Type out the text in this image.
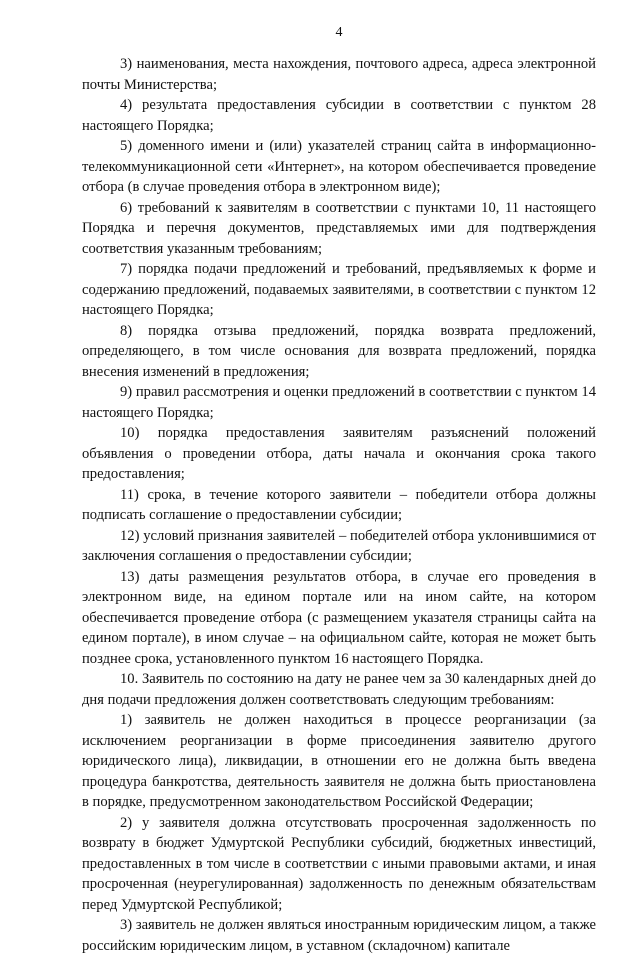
4

3) наименования, места нахождения, почтового адреса, адреса электронной почты Министерства;

4) результата предоставления субсидии в соответствии с пунктом 28 настоящего Порядка;

5) доменного имени и (или) указателей страниц сайта в информационно-телекоммуникационной сети «Интернет», на котором обеспечивается проведение отбора (в случае проведения отбора в электронном виде);

6) требований к заявителям в соответствии с пунктами 10, 11 настоящего Порядка и перечня документов, представляемых ими для подтверждения соответствия указанным требованиям;

7) порядка подачи предложений и требований, предъявляемых к форме и содержанию предложений, подаваемых заявителями, в соответствии с пунктом 12 настоящего Порядка;

8) порядка отзыва предложений, порядка возврата предложений, определяющего, в том числе основания для возврата предложений, порядка внесения изменений в предложения;

9) правил рассмотрения и оценки предложений в соответствии с пунктом 14 настоящего Порядка;

10) порядка предоставления заявителям разъяснений положений объявления о проведении отбора, даты начала и окончания срока такого предоставления;

11) срока, в течение которого заявители – победители отбора должны подписать соглашение о предоставлении субсидии;

12) условий признания заявителей – победителей отбора уклонившимися от заключения соглашения о предоставлении субсидии;

13) даты размещения результатов отбора, в случае его проведения в электронном виде, на едином портале или на ином сайте, на котором обеспечивается проведение отбора (с размещением указателя страницы сайта на едином портале), в ином случае – на официальном сайте, которая не может быть позднее срока, установленного пунктом 16 настоящего Порядка.

10. Заявитель по состоянию на дату не ранее чем за 30 календарных дней до дня подачи предложения должен соответствовать следующим требованиям:

1) заявитель не должен находиться в процессе реорганизации (за исключением реорганизации в форме присоединения заявителю другого юридического лица), ликвидации, в отношении его не должна быть введена процедура банкротства, деятельность заявителя не должна быть приостановлена в порядке, предусмотренном законодательством Российской Федерации;

2) у заявителя должна отсутствовать просроченная задолженность по возврату в бюджет Удмуртской Республики субсидий, бюджетных инвестиций, предоставленных в том числе в соответствии с иными правовыми актами, и иная просроченная (неурегулированная) задолженность по денежным обязательствам перед Удмуртской Республикой;

3) заявитель не должен являться иностранным юридическим лицом, а также российским юридическим лицом, в уставном (складочном) капитале
